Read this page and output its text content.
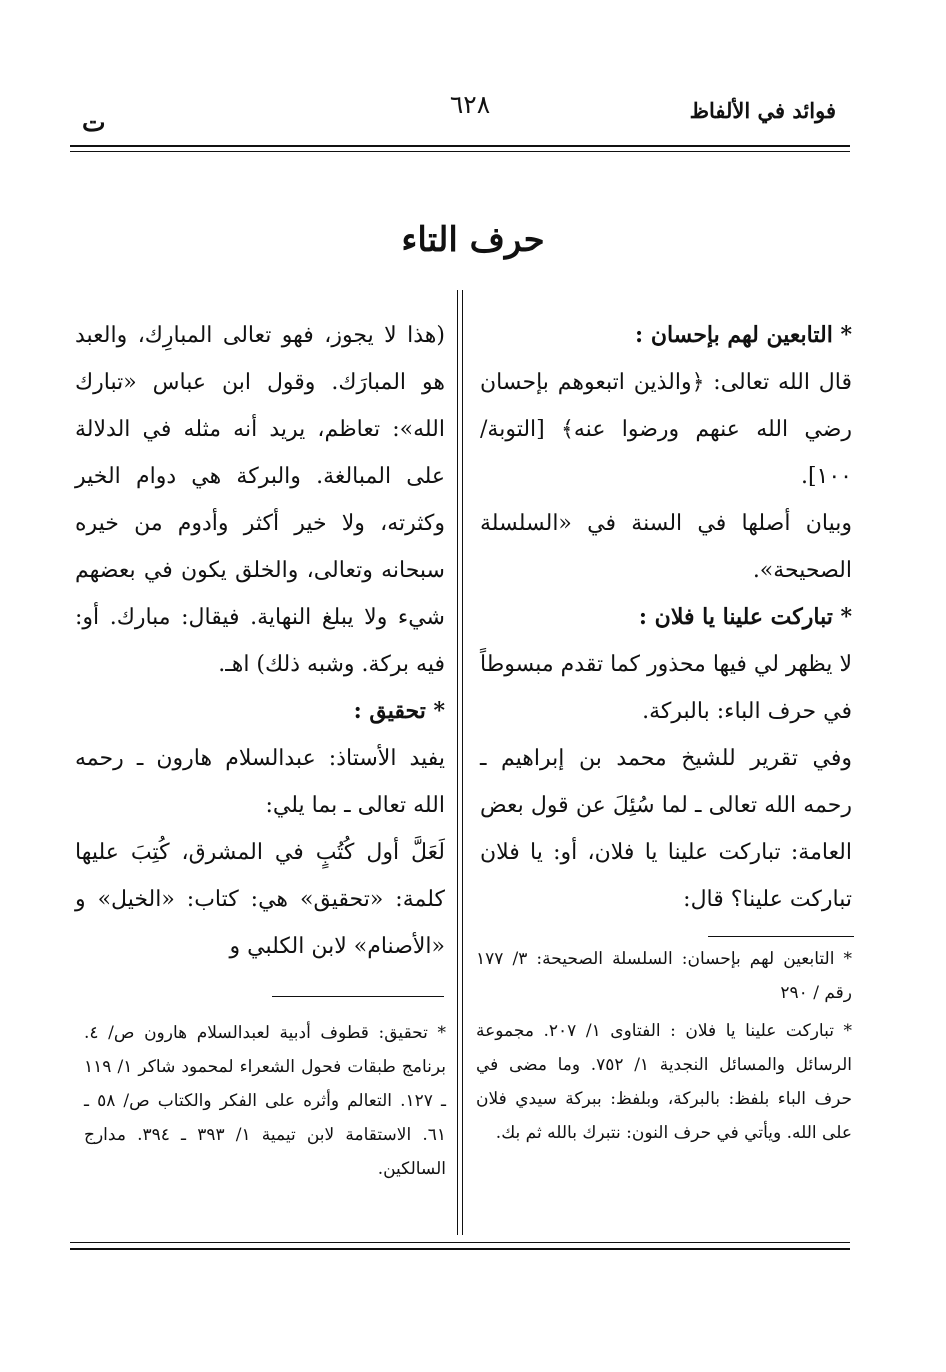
فوائد في الألفاظ
٦٢٨
ت
حرف التاء

* التابعين لهم بإحسان :

قال الله تعالى: ﴿والذين اتبعوهم بإحسان رضي الله عنهم ورضوا عنه﴾ [التوبة/ ١٠٠].

وبيان أصلها في السنة في «السلسلة الصحيحة».

* تباركت علينا يا فلان :

لا يظهر لي فيها محذور كما تقدم مبسوطاً في حرف الباء: بالبركة.

وفي تقرير للشيخ محمد بن إبراهيم ـ رحمه الله تعالى ـ لما سُئِلَ عن قول بعض العامة: تباركت علينا يا فلان، أو: يا فلان تباركت علينا؟ قال:

(هذا لا يجوز، فهو تعالى المبارِك، والعبد هو المبارَك. وقول ابن عباس «تبارك الله»: تعاظم، يريد أنه مثله في الدلالة على المبالغة. والبركة هي دوام الخير وكثرته، ولا خير أكثر وأدوم من خيره سبحانه وتعالى، والخلق يكون في بعضهم شيء ولا يبلغ النهاية. فيقال: مبارك. أو: فيه بركة. وشبه ذلك) اهـ.

* تحقيق :

يفيد الأستاذ: عبدالسلام هارون ـ رحمه الله تعالى ـ بما يلي:

لَعَلَّ أول كُتُبٍ في المشرق، كُتِبَ عليها كلمة: «تحقيق» هي: كتاب: «الخيل» و «الأصنام» لابن الكلبي و * التابعين لهم بإحسان: السلسلة الصحيحة: ٣/ ١٧٧ رقم / ٢٩٠

* تباركت علينا يا فلان : الفتاوى ١/ ٢٠٧. مجموعة الرسائل والمسائل النجدية ١/ ٧٥٢. وما مضى في حرف الباء بلفظ: بالبركة، وبلفظ: ببركة سيدي فلان على الله. ويأتي في حرف النون: نتبرك بالله ثم بك.

* تحقيق: قطوف أدبية لعبدالسلام هارون ص/ ٤. برنامج طبقات فحول الشعراء لمحمود شاكر ١/ ١١٩ ـ ١٢٧. التعالم وأثره على الفكر والكتاب ص/ ٥٨ ـ ٦١. الاستقامة لابن تيمية ١/ ٣٩٣ ـ ٣٩٤. مدارج السالكين.
